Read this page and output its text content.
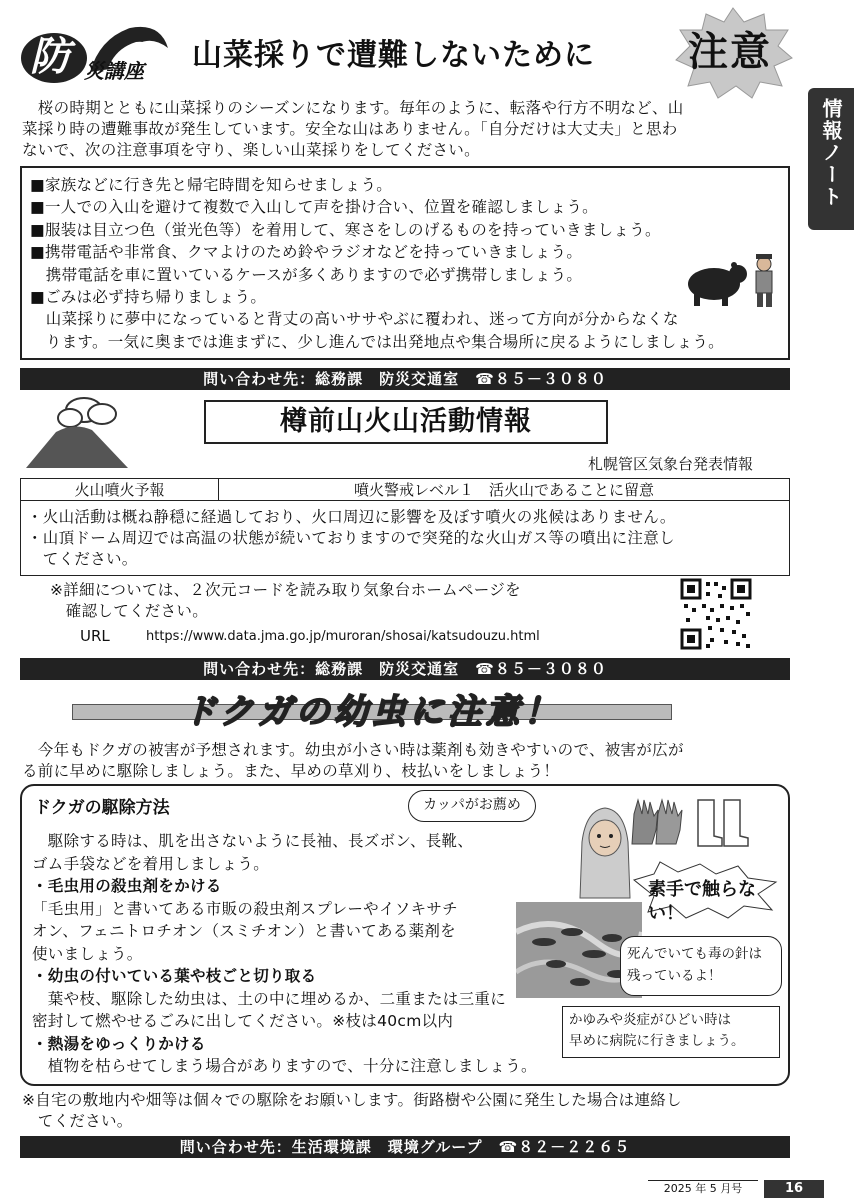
防 災講座 山菜採りで遭難しないために 注意
情報ノート
　桜の時期とともに山菜採りのシーズンになります。毎年のように、転落や行方不明など、山
菜採り時の遭難事故が発生しています。安全な山はありません。「自分だけは大丈夫」と思わ
ないで、次の注意事項を守り、楽しい山菜採りをしてください。
■家族などに行き先と帰宅時間を知らせましょう。
■一人での入山を避けて複数で入山して声を掛け合い、位置を確認しましょう。
■服装は目立つ色（蛍光色等）を着用して、寒さをしのげるものを持っていきましょう。
■携帯電話や非常食、クマよけのため鈴やラジオなどを持っていきましょう。
　携帯電話を車に置いているケースが多くありますので必ず携帯しましょう。
■ごみは必ず持ち帰りましょう。
　山菜採りに夢中になっていると背丈の高いササやぶに覆われ、迷って方向が分からなくな
　ります。一気に奥までは進まずに、少し進んでは出発地点や集合場所に戻るようにしましょう。
問い合わせ先：総務課　防災交通室　☎８５－３０８０
樽前山火山活動情報
札幌管区気象台発表情報
火山噴火予報	噴火警戒レベル１　活火山であることに留意
・火山活動は概ね静穏に経過しており、火口周辺に影響を及ぼす噴火の兆候はありません。
・山頂ドーム周辺では高温の状態が続いておりますので突発的な火山ガス等の噴出に注意し
　てください。
※詳細については、２次元コードを読み取り気象台ホームページを
　確認してください。
URL	https://www.data.jma.go.jp/muroran/shosai/katsudouzu.html
問い合わせ先：総務課　防災交通室　☎８５－３０８０
ドクガの幼虫に注意！
　今年もドクガの被害が予想されます。幼虫が小さい時は薬剤も効きやすいので、被害が広が
る前に早めに駆除しましょう。また、早めの草刈り、枝払いをしましょう！
ドクガの駆除方法
　駆除する時は、肌を出さないように長袖、長ズボン、長靴、
ゴム手袋などを着用しましょう。
・毛虫用の殺虫剤をかける
「毛虫用」と書いてある市販の殺虫剤スプレーやイソキサチ
オン、フェニトロチオン（スミチオン）と書いてある薬剤を
使いましょう。
・幼虫の付いている葉や枝ごと切り取る
　葉や枝、駆除した幼虫は、土の中に埋めるか、二重または三重に
密封して燃やせるごみに出してください。※枝は40cm以内
・熱湯をゆっくりかける
　植物を枯らせてしまう場合がありますので、十分に注意しましょう。
カッパがお薦め
素手で触らない！
死んでいても毒の針は
残っているよ！
かゆみや炎症がひどい時は
早めに病院に行きましょう。
※自宅の敷地内や畑等は個々での駆除をお願いします。街路樹や公園に発生した場合は連絡し
　てください。
問い合わせ先：生活環境課　環境グループ　☎８２－２２６５
2025 年 5 月号	16
